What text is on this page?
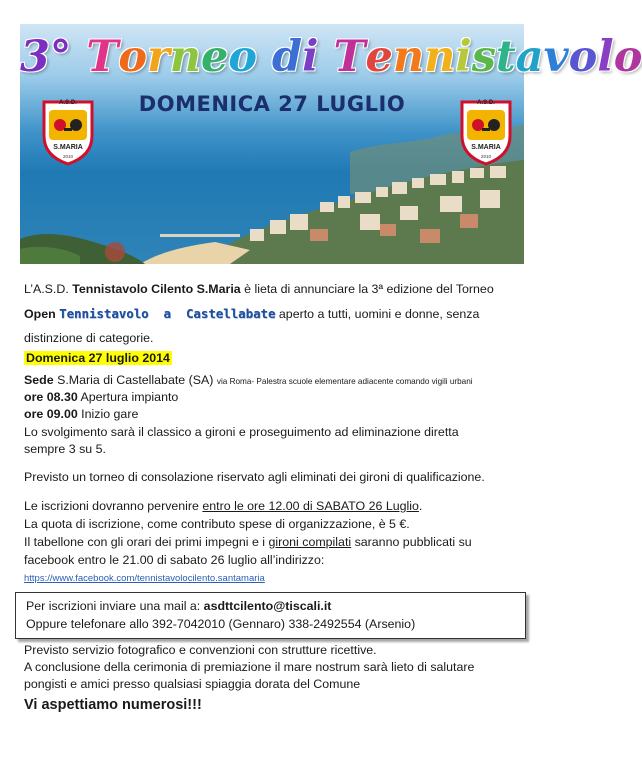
3° Torneo di Tennistavolo
DOMENICA 27 LUGLIO
A.S.D.
S.MARIA
2010
A.S.D.
S.MARIA
2010
L’A.S.D. Tennistavolo Cilento S.Maria è lieta di annunciare la 3ª edizione del Torneo
Open Tennistavolo  a  Castellabate aperto a tutti, uomini e donne, senza
distinzione di categorie.
Domenica 27 luglio 2014
Sede S.Maria di Castellabate (SA) via Roma- Palestra scuole elementare adiacente comando vigili urbani
ore 08.30 Apertura impianto
ore 09.00 Inizio gare
Lo svolgimento sarà il classico a gironi e proseguimento ad eliminazione diretta
sempre 3 su 5.
Previsto un torneo di consolazione riservato agli eliminati dei gironi di qualificazione.
Le iscrizioni dovranno pervenire entro le ore 12.00 di SABATO 26 Luglio.
La quota di iscrizione, come contributo spese di organizzazione, è 5 €.
Il tabellone con gli orari dei primi impegni e i gironi compilati saranno pubblicati su
facebook entro le 21.00 di sabato 26 luglio all’indirizzo:
https://www.facebook.com/tennistavolocilento.santamaria
Per iscrizioni inviare una mail a: asdttcilento@tiscali.it
Oppure telefonare allo 392-7042010 (Gennaro) 338-2492554 (Arsenio)
Previsto servizio fotografico e convenzioni con strutture ricettive.
A conclusione della cerimonia di premiazione il mare nostrum sarà lieto di salutare
pongisti e amici presso qualsiasi spiaggia dorata del Comune
Vi aspettiamo numerosi!!!
